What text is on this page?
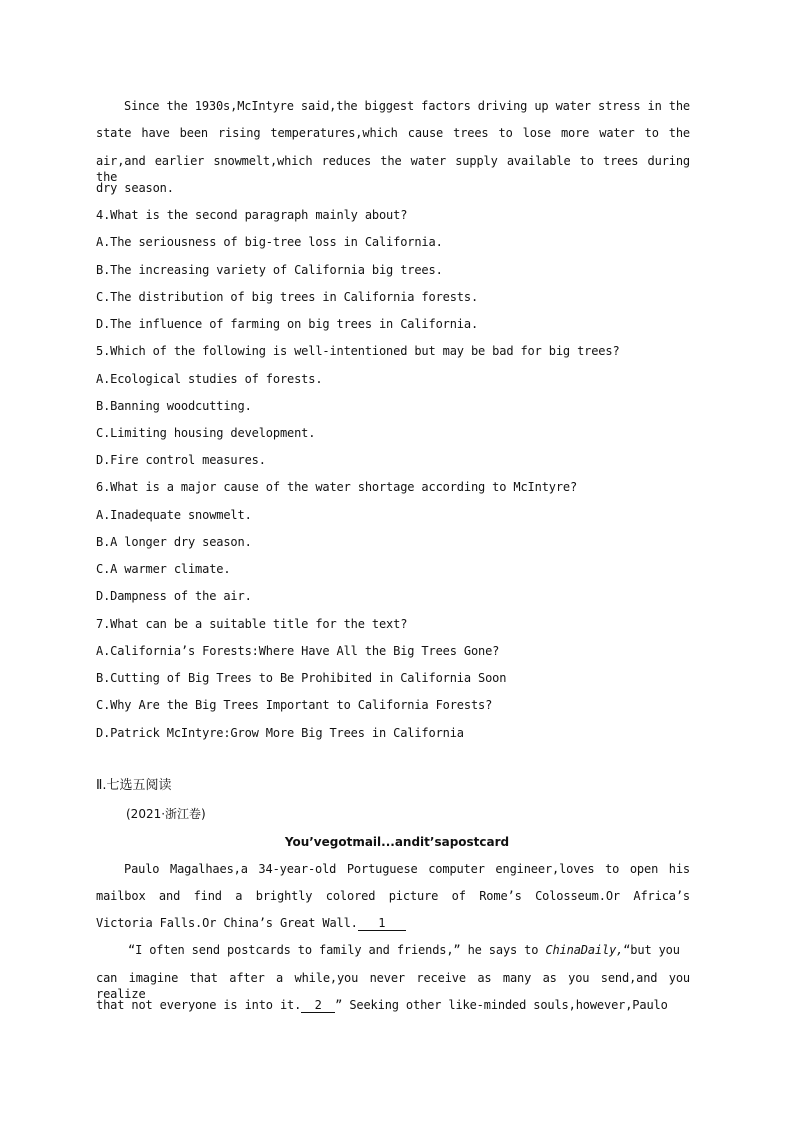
Since the 1930s,McIntyre said,the biggest factors driving up water stress in the
state have been rising temperatures,which cause trees to lose more water to the
air,and earlier snowmelt,which reduces the water supply available to trees during the
dry season.
4.What is the second paragraph mainly about?
A.The seriousness of big-tree loss in California.
B.The increasing variety of California big trees.
C.The distribution of big trees in California forests.
D.The influence of farming on big trees in California.
5.Which of the following is well-intentioned but may be bad for big trees?
A.Ecological studies of forests.
B.Banning woodcutting.
C.Limiting housing development.
D.Fire control measures.
6.What is a major cause of the water shortage according to McIntyre?
A.Inadequate snowmelt.
B.A longer dry season.
C.A warmer climate.
D.Dampness of the air.
7.What can be a suitable title for the text?
A.California’s Forests:Where Have All the Big Trees Gone?
B.Cutting of Big Trees to Be Prohibited in California Soon
C.Why Are the Big Trees Important to California Forests?
D.Patrick McIntyre:Grow More Big Trees in California
Ⅱ.七选五阅读
(2021·浙江卷)
You’vegotmail...andit’sapostcard
Paulo Magalhaes,a 34-year-old Portuguese computer engineer,loves to open his
mailbox and find a brightly colored picture of Rome’s Colosseum.Or Africa’s
Victoria Falls.Or China’s Great Wall. 1
“I often send postcards to family and friends,” he says to ChinaDaily,“but you
can imagine that after a while,you never receive as many as you send,and you realize
that not everyone is into it. 2 ” Seeking other like-minded souls,however,Paulo
